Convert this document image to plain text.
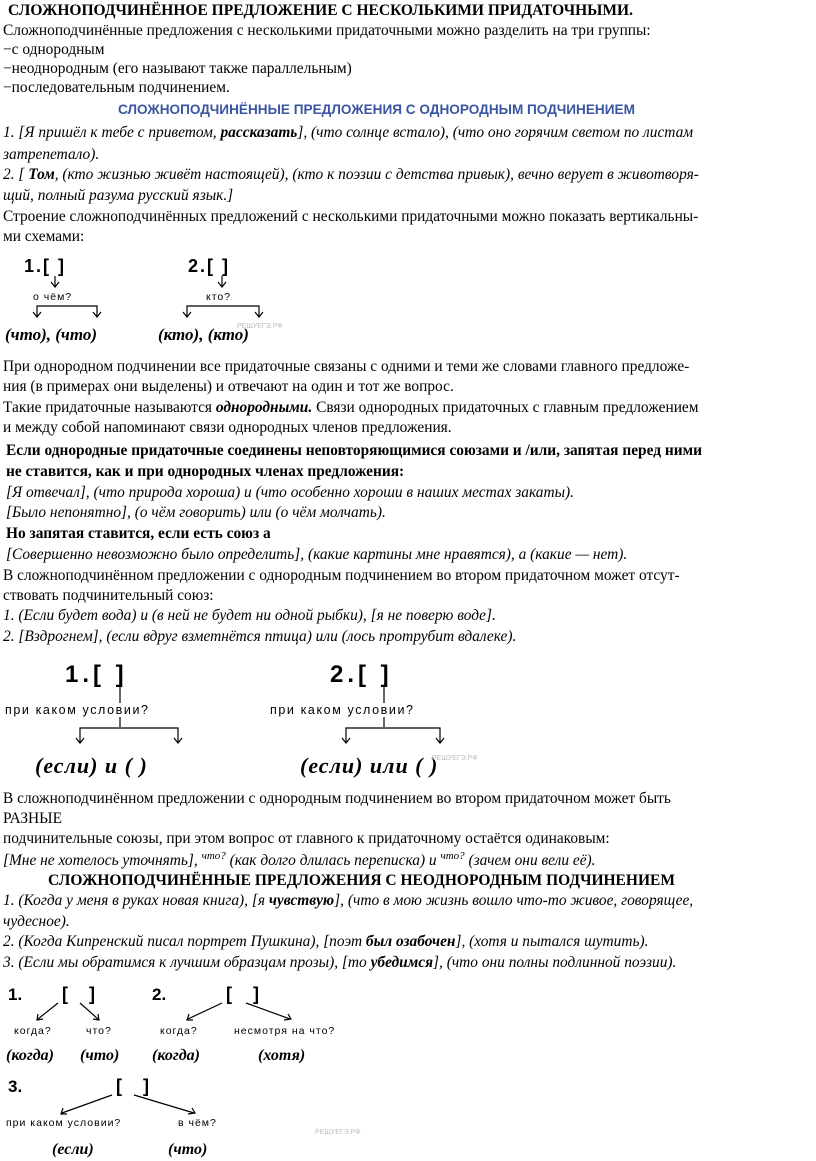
СЛОЖНОПОДЧИНЁННОЕ ПРЕДЛОЖЕНИЕ С НЕСКОЛЬКИМИ ПРИДАТОЧНЫМИ.
Сложноподчинённые предложения с несколькими придаточными можно разделить на три группы:
−с однородным
−неоднородным (его называют также параллельным)
−последовательным подчинением.
СЛОЖНОПОДЧИНЁННЫЕ ПРЕДЛОЖЕНИЯ С ОДНОРОДНЫМ ПОДЧИНЕНИЕМ
1. [Я пришёл к тебе с приветом, рассказать], (что солнце встало), (что оно горячим светом по листам
затрепетало).
2. [ Том, (кто жизнью живёт настоящей), (кто к поэзии с детства привык), вечно верует в животворя-
щий, полный разума русский язык.]
Строение сложноподчинённых предложений с несколькими придаточными можно показать вертикальны-
ми схемами:
1.[ ]
о чём?
(что), (что)
2.[ ]
кто?
(кто), (кто)
РЕШУЕГЭ.РФ
При однородном подчинении все придаточные связаны с одними и теми же словами главного предложе-
ния (в примерах они выделены) и отвечают на один и тот же вопрос.
Такие придаточные называются однородными. Связи однородных придаточных с главным предложением
и между собой напоминают связи однородных членов предложения.
Если однородные придаточные соединены неповторяющимися союзами и /или, запятая перед ними
не ставится, как и при однородных членах предложения:
[Я отвечал], (что природа хороша) и (что особенно хороши в наших местах закаты).
[Было непонятно], (о чём говорить) или (о чём молчать).
Но запятая ставится, если есть союз а
[Совершенно невозможно было определить], (какие картины мне нравятся), а (какие — нет).
В сложноподчинённом предложении с однородным подчинением во втором придаточном может отсут-
ствовать подчинительный союз:
1. (Если будет вода) и (в ней не будет ни одной рыбки), [я не поверю воде].
2. [Вздрогнем], (если вдруг взметнётся птица) или (лось протрубит вдалеке).
1.[ ]
при каком условии?
(если) и ( )
2.[ ]
при каком условии?
(если) или ( )
РЕШУЕГЭ.РФ
В сложноподчинённом предложении с однородным подчинением во втором придаточном может быть
РАЗНЫЕ
подчинительные союзы, при этом вопрос от главного к придаточному остаётся одинаковым:
[Мне не хотелось уточнять], $^{что?}$ (как долго длилась переписка) и $^{что?}$ (зачем они вели её).
СЛОЖНОПОДЧИНЁННЫЕ ПРЕДЛОЖЕНИЯ С НЕОДНОРОДНЫМ ПОДЧИНЕНИЕМ
1. (Когда у меня в руках новая книга), [я чувствую], (что в мою жизнь вошло что-то живое, говорящее,
чудесное).
2. (Когда Кипренский писал портрет Пушкина), [поэт был озабочен], (хотя и пытался шутить).
3. (Если мы обратимся к лучшим образцам прозы), [то убедимся], (что они полны подлинной поэзии).
1. [ ]
когда?	что?
(когда) (что)
2.	[ ]
когда?	несмотря на что?
(когда)	(хотя)
3.	[ ]
при каком условии?	в чём?
(если)	(что)
РЕШУЕГЭ.РФ
